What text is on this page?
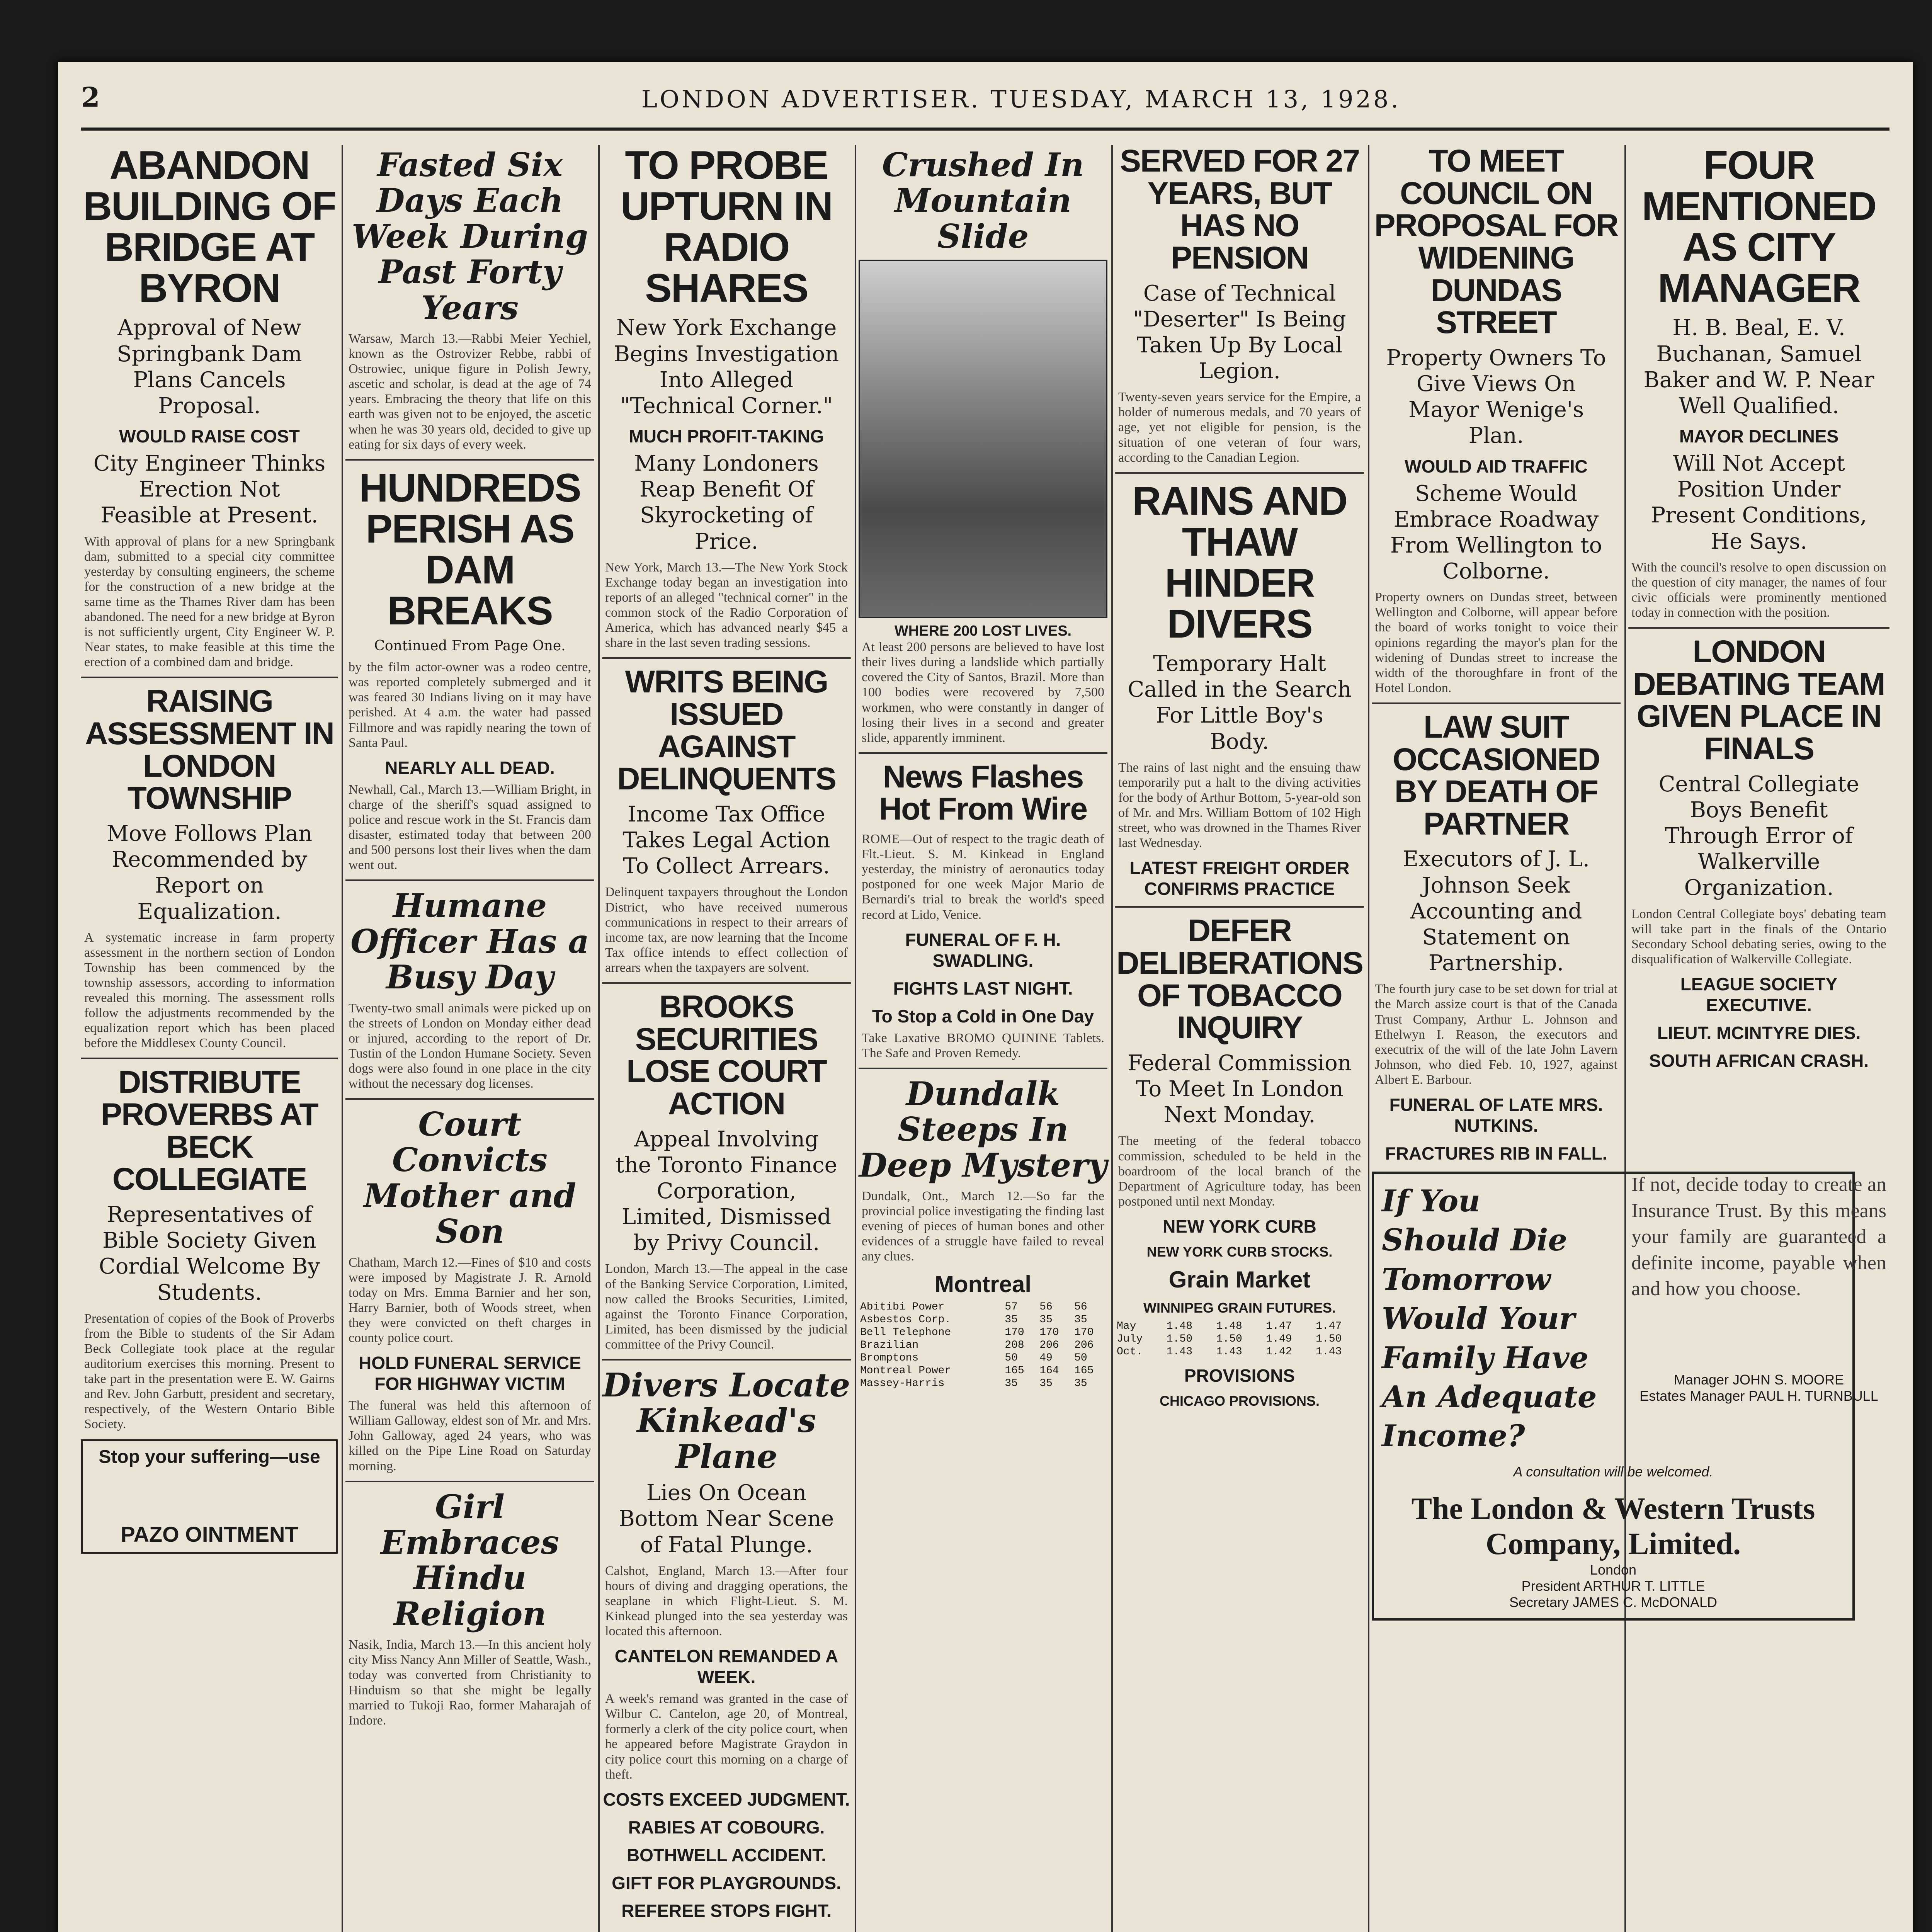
2	LONDON ADVERTISER. TUESDAY, MARCH 13, 1928.
ABANDON BUILDING OF BRIDGE AT BYRON
Approval of New Springbank Dam Plans Cancels Proposal.
WOULD RAISE COST
City Engineer Thinks Erection Not Feasible at Present.
With approval of plans for a new Springbank dam, submitted to a special city committee yesterday by consulting engineers, the scheme for the construction of a new bridge at the same time as the Thames River dam has been abandoned. The need for a new bridge at Byron is not sufficiently urgent, City Engineer W. P. Near states, to make feasible at this time the erection of a combined dam and bridge.
RAISING ASSESSMENT IN LONDON TOWNSHIP
Move Follows Plan Recommended by Report on Equalization.
A systematic increase in farm property assessment in the northern section of London Township has been commenced by the township assessors, according to information revealed this morning. The assessment rolls follow the adjustments recommended by the equalization report which has been placed before the Middlesex County Council.
DISTRIBUTE PROVERBS AT BECK COLLEGIATE
Representatives of Bible Society Given Cordial Welcome By Students.
Presentation of copies of the Book of Proverbs from the Bible to students of the Sir Adam Beck Collegiate took place at the regular auditorium exercises this morning. Present to take part in the presentation were E. W. Gairns and Rev. John Garbutt, president and secretary, respectively, of the Western Ontario Bible Society.
Stop your suffering—use
PAZO OINTMENT
Fasted Six Days Each Week During Past Forty Years
Warsaw, March 13.—Rabbi Meier Yechiel, known as the Ostrovizer Rebbe, rabbi of Ostrowiec, unique figure in Polish Jewry, ascetic and scholar, is dead at the age of 74 years. Embracing the theory that life on this earth was given not to be enjoyed, the ascetic when he was 30 years old, decided to give up eating for six days of every week.
HUNDREDS PERISH AS DAM BREAKS
Continued From Page One.
by the film actor-owner was a rodeo centre, was reported completely submerged and it was feared 30 Indians living on it may have perished. At 4 a.m. the water had passed Fillmore and was rapidly nearing the town of Santa Paul.
NEARLY ALL DEAD.
Newhall, Cal., March 13.—William Bright, in charge of the sheriff's squad assigned to police and rescue work in the St. Francis dam disaster, estimated today that between 200 and 500 persons lost their lives when the dam went out.
Humane Officer Has a Busy Day
Twenty-two small animals were picked up on the streets of London on Monday either dead or injured, according to the report of Dr. Tustin of the London Humane Society. Seven dogs were also found in one place in the city without the necessary dog licenses.
Court Convicts Mother and Son
Chatham, March 12.—Fines of $10 and costs were imposed by Magistrate J. R. Arnold today on Mrs. Emma Barnier and her son, Harry Barnier, both of Woods street, when they were convicted on theft charges in county police court.
HOLD FUNERAL SERVICE FOR HIGHWAY VICTIM
The funeral was held this afternoon of William Galloway, eldest son of Mr. and Mrs. John Galloway, aged 24 years, who was killed on the Pipe Line Road on Saturday morning.
Girl Embraces Hindu Religion
Nasik, India, March 13.—In this ancient holy city Miss Nancy Ann Miller of Seattle, Wash., today was converted from Christianity to Hinduism so that she might be legally married to Tukoji Rao, former Maharajah of Indore.
TO PROBE UPTURN IN RADIO SHARES
New York Exchange Begins Investigation Into Alleged "Technical Corner."
MUCH PROFIT-TAKING
Many Londoners Reap Benefit Of Skyrocketing of Price.
New York, March 13.—The New York Stock Exchange today began an investigation into reports of an alleged "technical corner" in the common stock of the Radio Corporation of America, which has advanced nearly $45 a share in the last seven trading sessions.
WRITS BEING ISSUED AGAINST DELINQUENTS
Income Tax Office Takes Legal Action To Collect Arrears.
Delinquent taxpayers throughout the London District, who have received numerous communications in respect to their arrears of income tax, are now learning that the Income Tax office intends to effect collection of arrears when the taxpayers are solvent.
BROOKS SECURITIES LOSE COURT ACTION
Appeal Involving the Toronto Finance Corporation, Limited, Dismissed by Privy Council.
London, March 13.—The appeal in the case of the Banking Service Corporation, Limited, now called the Brooks Securities, Limited, against the Toronto Finance Corporation, Limited, has been dismissed by the judicial committee of the Privy Council.
Divers Locate Kinkead's Plane
Lies On Ocean Bottom Near Scene of Fatal Plunge.
Calshot, England, March 13.—After four hours of diving and dragging operations, the seaplane in which Flight-Lieut. S. M. Kinkead plunged into the sea yesterday was located this afternoon.
CANTELON REMANDED A WEEK.
A week's remand was granted in the case of Wilbur C. Cantelon, age 20, of Montreal, formerly a clerk of the city police court, when he appeared before Magistrate Graydon in city police court this morning on a charge of theft.
COSTS EXCEED JUDGMENT.
RABIES AT COBOURG.
BOTHWELL ACCIDENT.
GIFT FOR PLAYGROUNDS.
REFEREE STOPS FIGHT.
Crushed In Mountain Slide
WHERE 200 LOST LIVES.
At least 200 persons are believed to have lost their lives during a landslide which partially covered the City of Santos, Brazil. More than 100 bodies were recovered by 7,500 workmen, who were constantly in danger of losing their lives in a second and greater slide, apparently imminent.
News Flashes Hot From Wire
ROME—Out of respect to the tragic death of Flt.-Lieut. S. M. Kinkead in England yesterday, the ministry of aeronautics today postponed for one week Major Mario de Bernardi's trial to break the world's speed record at Lido, Venice.
FUNERAL OF F. H. SWADLING.
FIGHTS LAST NIGHT.
To Stop a Cold in One Day
Take Laxative BROMO QUININE Tablets. The Safe and Proven Remedy.
Dundalk Steeps In Deep Mystery
Dundalk, Ont., March 12.—So far the provincial police investigating the finding last evening of pieces of human bones and other evidences of a struggle have failed to reveal any clues.
Montreal
Abitibi Power	57	56	56
Asbestos Corp.	35	35	35
Bell Telephone	170	170	170
Brazilian	208	206	206
Bromptons	50	49	50
Montreal Power	165	164	165
Massey-Harris	35	35	35
SERVED FOR 27 YEARS, BUT HAS NO PENSION
Case of Technical "Deserter" Is Being Taken Up By Local Legion.
Twenty-seven years service for the Empire, a holder of numerous medals, and 70 years of age, yet not eligible for pension, is the situation of one veteran of four wars, according to the Canadian Legion.
RAINS AND THAW HINDER DIVERS
Temporary Halt Called in the Search For Little Boy's Body.
The rains of last night and the ensuing thaw temporarily put a halt to the diving activities for the body of Arthur Bottom, 5-year-old son of Mr. and Mrs. William Bottom of 102 High street, who was drowned in the Thames River last Wednesday.
LATEST FREIGHT ORDER CONFIRMS PRACTICE
DEFER DELIBERATIONS OF TOBACCO INQUIRY
Federal Commission To Meet In London Next Monday.
The meeting of the federal tobacco commission, scheduled to be held in the boardroom of the local branch of the Department of Agriculture today, has been postponed until next Monday.
NEW YORK CURB
NEW YORK CURB STOCKS.
Grain Market
WINNIPEG GRAIN FUTURES.
May	1.48	1.48	1.47	1.47
July	1.50	1.50	1.49	1.50
Oct.	1.43	1.43	1.42	1.43
PROVISIONS
CHICAGO PROVISIONS.
TO MEET COUNCIL ON PROPOSAL FOR WIDENING DUNDAS STREET
Property Owners To Give Views On Mayor Wenige's Plan.
WOULD AID TRAFFIC
Scheme Would Embrace Roadway From Wellington to Colborne.
Property owners on Dundas street, between Wellington and Colborne, will appear before the board of works tonight to voice their opinions regarding the mayor's plan for the widening of Dundas street to increase the width of the thoroughfare in front of the Hotel London.
LAW SUIT OCCASIONED BY DEATH OF PARTNER
Executors of J. L. Johnson Seek Accounting and Statement on Partnership.
The fourth jury case to be set down for trial at the March assize court is that of the Canada Trust Company, Arthur L. Johnson and Ethelwyn I. Reason, the executors and executrix of the will of the late John Lavern Johnson, who died Feb. 10, 1927, against Albert E. Barbour.
FUNERAL OF LATE MRS. NUTKINS.
FRACTURES RIB IN FALL.
If You Should Die Tomorrow Would Your Family Have An Adequate Income?
A consultation will be welcomed.
The London & Western Trusts Company, Limited.
London
President ARTHUR T. LITTLE
Secretary JAMES C. McDONALD
FOUR MENTIONED AS CITY MANAGER
H. B. Beal, E. V. Buchanan, Samuel Baker and W. P. Near Well Qualified.
MAYOR DECLINES
Will Not Accept Position Under Present Conditions, He Says.
With the council's resolve to open discussion on the question of city manager, the names of four civic officials were prominently mentioned today in connection with the position.
LONDON DEBATING TEAM GIVEN PLACE IN FINALS
Central Collegiate Boys Benefit Through Error of Walkerville Organization.
London Central Collegiate boys' debating team will take part in the finals of the Ontario Secondary School debating series, owing to the disqualification of Walkerville Collegiate.
LEAGUE SOCIETY EXECUTIVE.
LIEUT. MCINTYRE DIES.
SOUTH AFRICAN CRASH.
If not, decide today to create an Insurance Trust. By this means your family are guaranteed a definite income, payable when and how you choose.
Manager JOHN S. MOORE
Estates Manager PAUL H. TURNBULL
